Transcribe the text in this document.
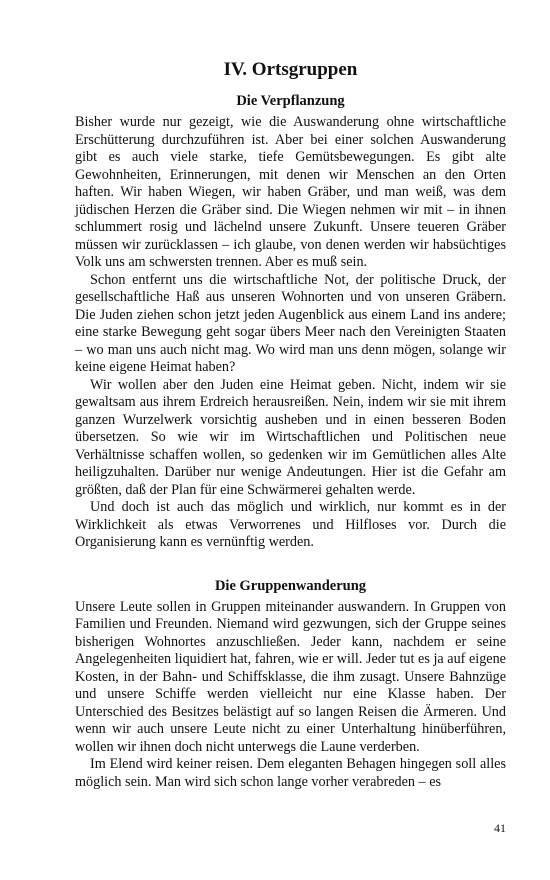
IV. Ortsgruppen
Die Verpflanzung

Bisher wurde nur gezeigt, wie die Auswanderung ohne wirtschaftliche Erschütterung durchzuführen ist. Aber bei einer solchen Auswanderung gibt es auch viele starke, tiefe Gemütsbewegungen. Es gibt alte Gewohnheiten, Erinnerungen, mit denen wir Menschen an den Orten haften. Wir haben Wiegen, wir haben Gräber, und man weiß, was dem jüdischen Herzen die Gräber sind. Die Wiegen nehmen wir mit – in ihnen schlummert rosig und lächelnd unsere Zukunft. Unsere teueren Gräber müssen wir zurücklassen – ich glaube, von denen werden wir habsüchtiges Volk uns am schwersten trennen. Aber es muß sein.

Schon entfernt uns die wirtschaftliche Not, der politische Druck, der gesellschaftliche Haß aus unseren Wohnorten und von unseren Gräbern. Die Juden ziehen schon jetzt jeden Augenblick aus einem Land ins andere; eine starke Bewegung geht sogar übers Meer nach den Vereinigten Staaten – wo man uns auch nicht mag. Wo wird man uns denn mögen, solange wir keine eigene Heimat haben?

Wir wollen aber den Juden eine Heimat geben. Nicht, indem wir sie gewaltsam aus ihrem Erdreich herausreißen. Nein, indem wir sie mit ihrem ganzen Wurzelwerk vorsichtig ausheben und in einen besseren Boden übersetzen. So wie wir im Wirtschaftlichen und Politischen neue Verhältnisse schaffen wollen, so gedenken wir im Gemütlichen alles Alte heiligzuhalten. Darüber nur wenige Andeutungen. Hier ist die Gefahr am größten, daß der Plan für eine Schwärmerei gehalten werde.

Und doch ist auch das möglich und wirklich, nur kommt es in der Wirklichkeit als etwas Verworrenes und Hilfloses vor. Durch die Organisierung kann es vernünftig werden.

Die Gruppenwanderung

Unsere Leute sollen in Gruppen miteinander auswandern. In Gruppen von Familien und Freunden. Niemand wird gezwungen, sich der Gruppe seines bisherigen Wohnortes anzuschließen. Jeder kann, nachdem er seine Angelegenheiten liquidiert hat, fahren, wie er will. Jeder tut es ja auf eigene Kosten, in der Bahn- und Schiffsklasse, die ihm zusagt. Unsere Bahnzüge und unsere Schiffe werden vielleicht nur eine Klasse haben. Der Unterschied des Besitzes belästigt auf so langen Reisen die Ärmeren. Und wenn wir auch unsere Leute nicht zu einer Unterhaltung hinüberführen, wollen wir ihnen doch nicht unterwegs die Laune verderben.

Im Elend wird keiner reisen. Dem eleganten Behagen hingegen soll alles möglich sein. Man wird sich schon lange vorher verabreden – es

41
